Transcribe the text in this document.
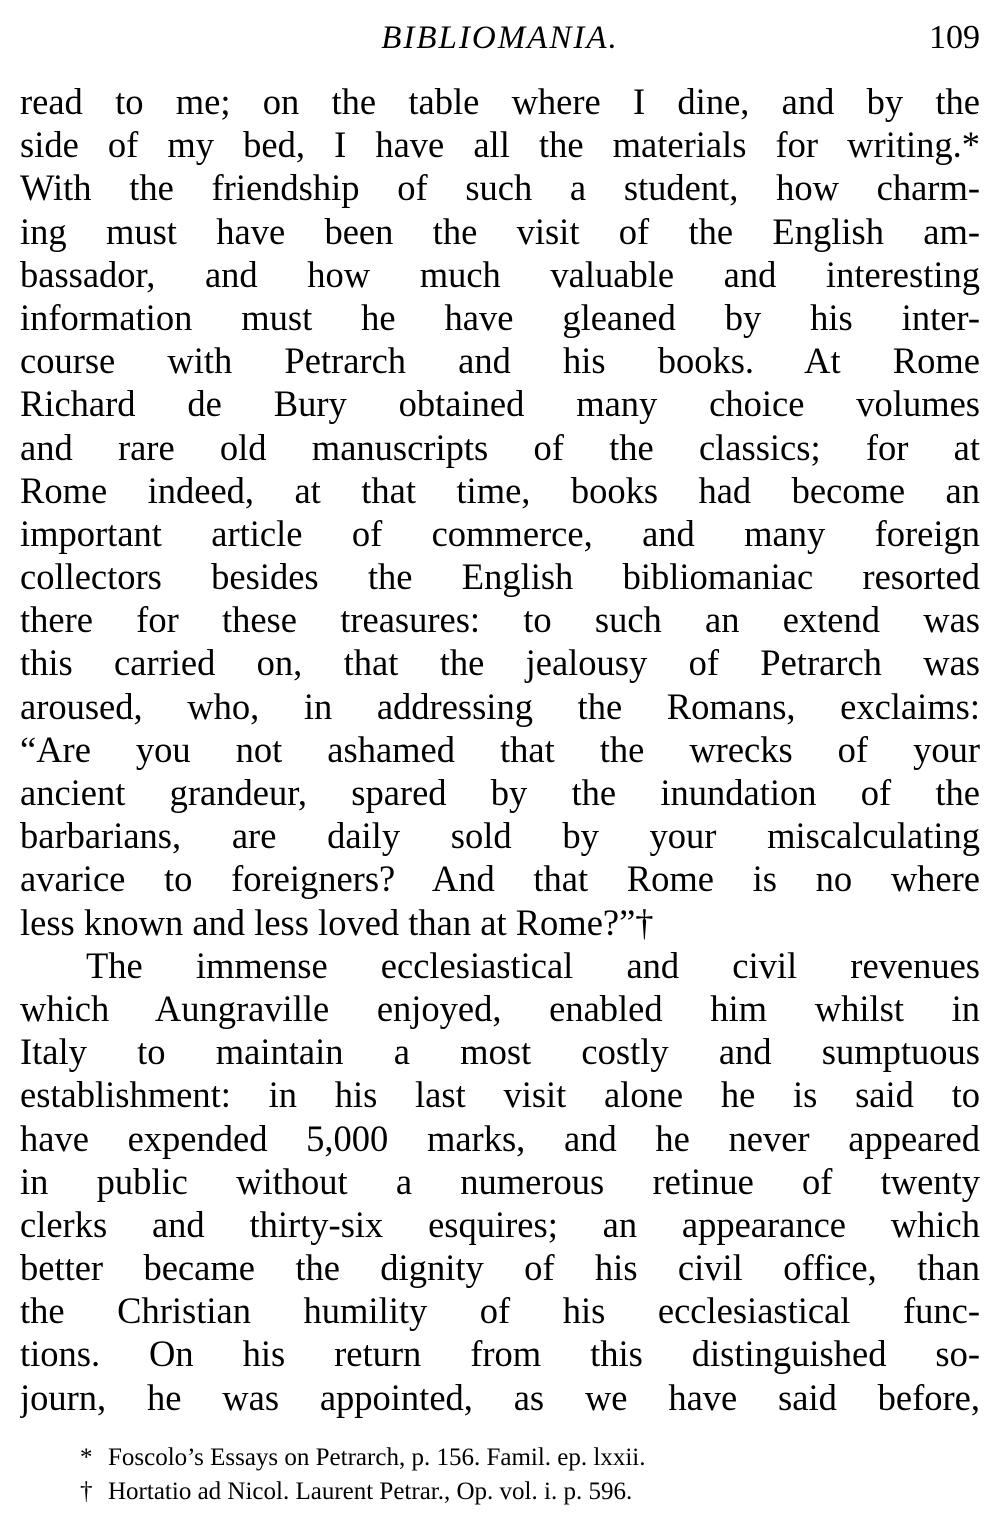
BIBLIOMANIA.	109
read to me; on the table where I dine, and by the
side of my bed, I have all the materials for writing.*
With the friendship of such a student, how charm-
ing must have been the visit of the English am-
bassador, and how much valuable and interesting
information must he have gleaned by his inter-
course with Petrarch and his books. At Rome
Richard de Bury obtained many choice volumes
and rare old manuscripts of the classics; for at
Rome indeed, at that time, books had become an
important article of commerce, and many foreign
collectors besides the English bibliomaniac resorted
there for these treasures: to such an extend was
this carried on, that the jealousy of Petrarch was
aroused, who, in addressing the Romans, exclaims:
“Are you not ashamed that the wrecks of your
ancient grandeur, spared by the inundation of the
barbarians, are daily sold by your miscalculating
avarice to foreigners? And that Rome is no where
less known and less loved than at Rome?”†
The immense ecclesiastical and civil revenues
which Aungraville enjoyed, enabled him whilst in
Italy to maintain a most costly and sumptuous
establishment: in his last visit alone he is said to
have expended 5,000 marks, and he never appeared
in public without a numerous retinue of twenty
clerks and thirty-six esquires; an appearance which
better became the dignity of his civil office, than
the Christian humility of his ecclesiastical func-
tions. On his return from this distinguished so-
journ, he was appointed, as we have said before,
* Foscolo’s Essays on Petrarch, p. 156. Famil. ep. lxxii.
† Hortatio ad Nicol. Laurent Petrar., Op. vol. i. p. 596.
